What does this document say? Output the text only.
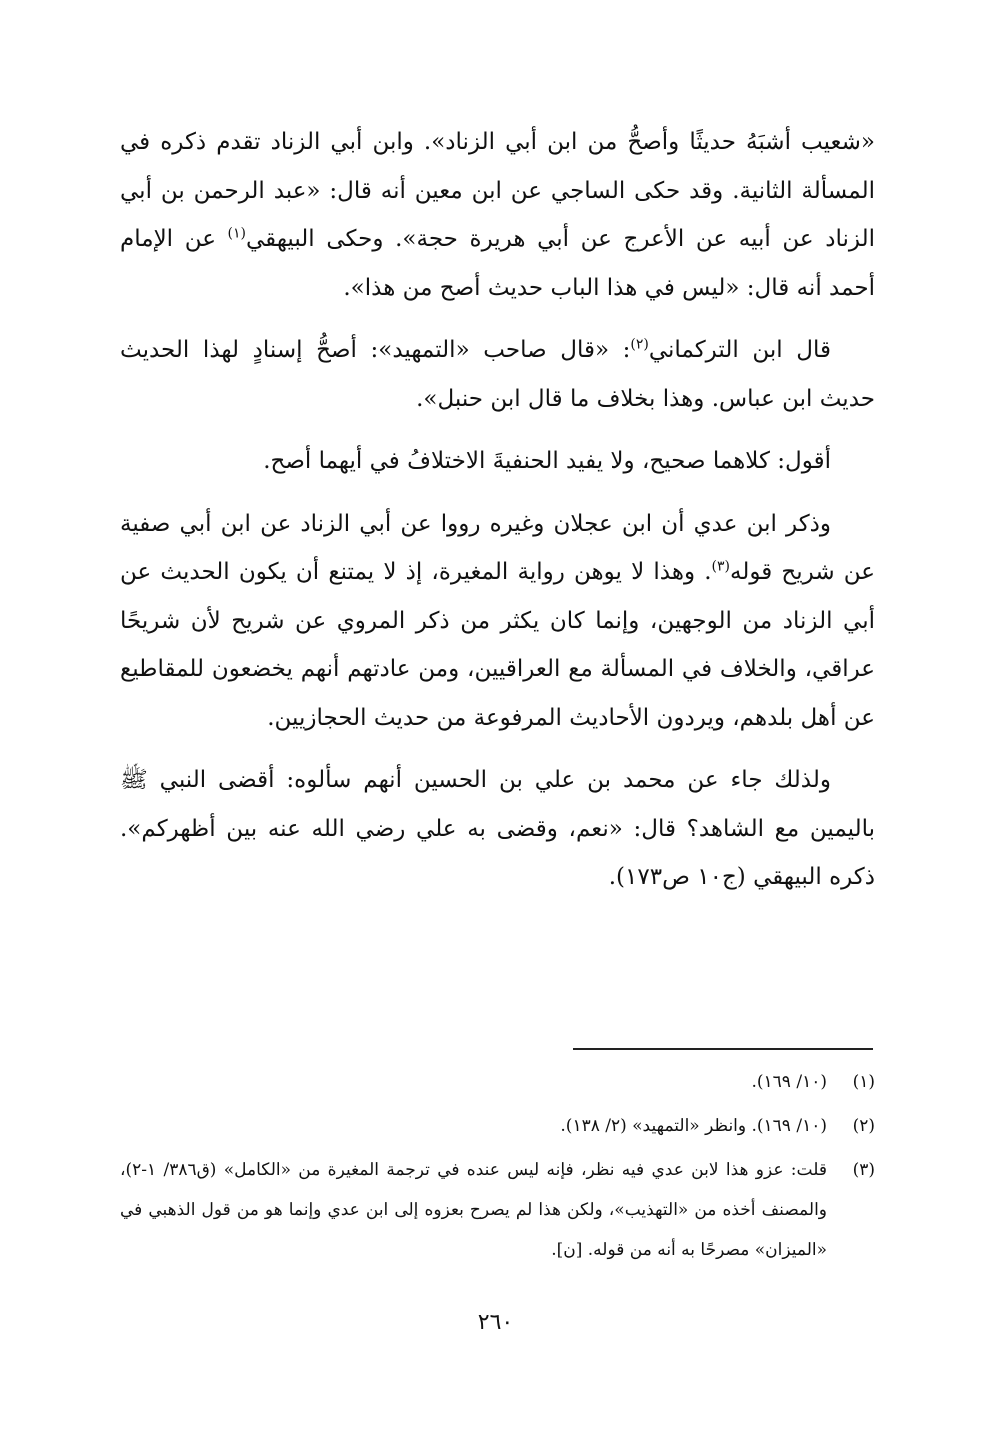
«شعيب أشبَهُ حديثًا وأصحُّ من ابن أبي الزناد». وابن أبي الزناد تقدم ذكره في المسألة الثانية. وقد حكى الساجي عن ابن معين أنه قال: «عبد الرحمن بن أبي الزناد عن أبيه عن الأعرج عن أبي هريرة حجة». وحكى البيهقي$^{(١)}$ عن الإمام أحمد أنه قال: «ليس في هذا الباب حديث أصح من هذا».

قال ابن التركماني$^{(٢)}$: «قال صاحب «التمهيد»: أصحُّ إسنادٍ لهذا الحديث حديث ابن عباس. وهذا بخلاف ما قال ابن حنبل».

أقول: كلاهما صحيح، ولا يفيد الحنفيةَ الاختلافُ في أيهما أصح.

وذكر ابن عدي أن ابن عجلان وغيره رووا عن أبي الزناد عن ابن أبي صفية عن شريح قوله$^{(٣)}$. وهذا لا يوهن رواية المغيرة، إذ لا يمتنع أن يكون الحديث عن أبي الزناد من الوجهين، وإنما كان يكثر من ذكر المروي عن شريح لأن شريحًا عراقي، والخلاف في المسألة مع العراقيين، ومن عادتهم أنهم يخضعون للمقاطيع عن أهل بلدهم، ويردون الأحاديث المرفوعة من حديث الحجازيين.

ولذلك جاء عن محمد بن علي بن الحسين أنهم سألوه: أقضى النبي ﷺ باليمين مع الشاهد؟ قال: «نعم، وقضى به علي رضي الله عنه بين أظهركم». ذكره البيهقي (ج١٠ ص١٧٣).

(١)
(١٠/ ١٦٩).
(٢)
(١٠/ ١٦٩). وانظر «التمهيد» (٢/ ١٣٨).
(٣)
قلت: عزو هذا لابن عدي فيه نظر، فإنه ليس عنده في ترجمة المغيرة من «الكامل» (ق٣٨٦/ ١-٢)، والمصنف أخذه من «التهذيب»، ولكن هذا لم يصرح بعزوه إلى ابن عدي وإنما هو من قول الذهبي في «الميزان» مصرحًا به أنه من قوله. [ن].
٢٦٠
